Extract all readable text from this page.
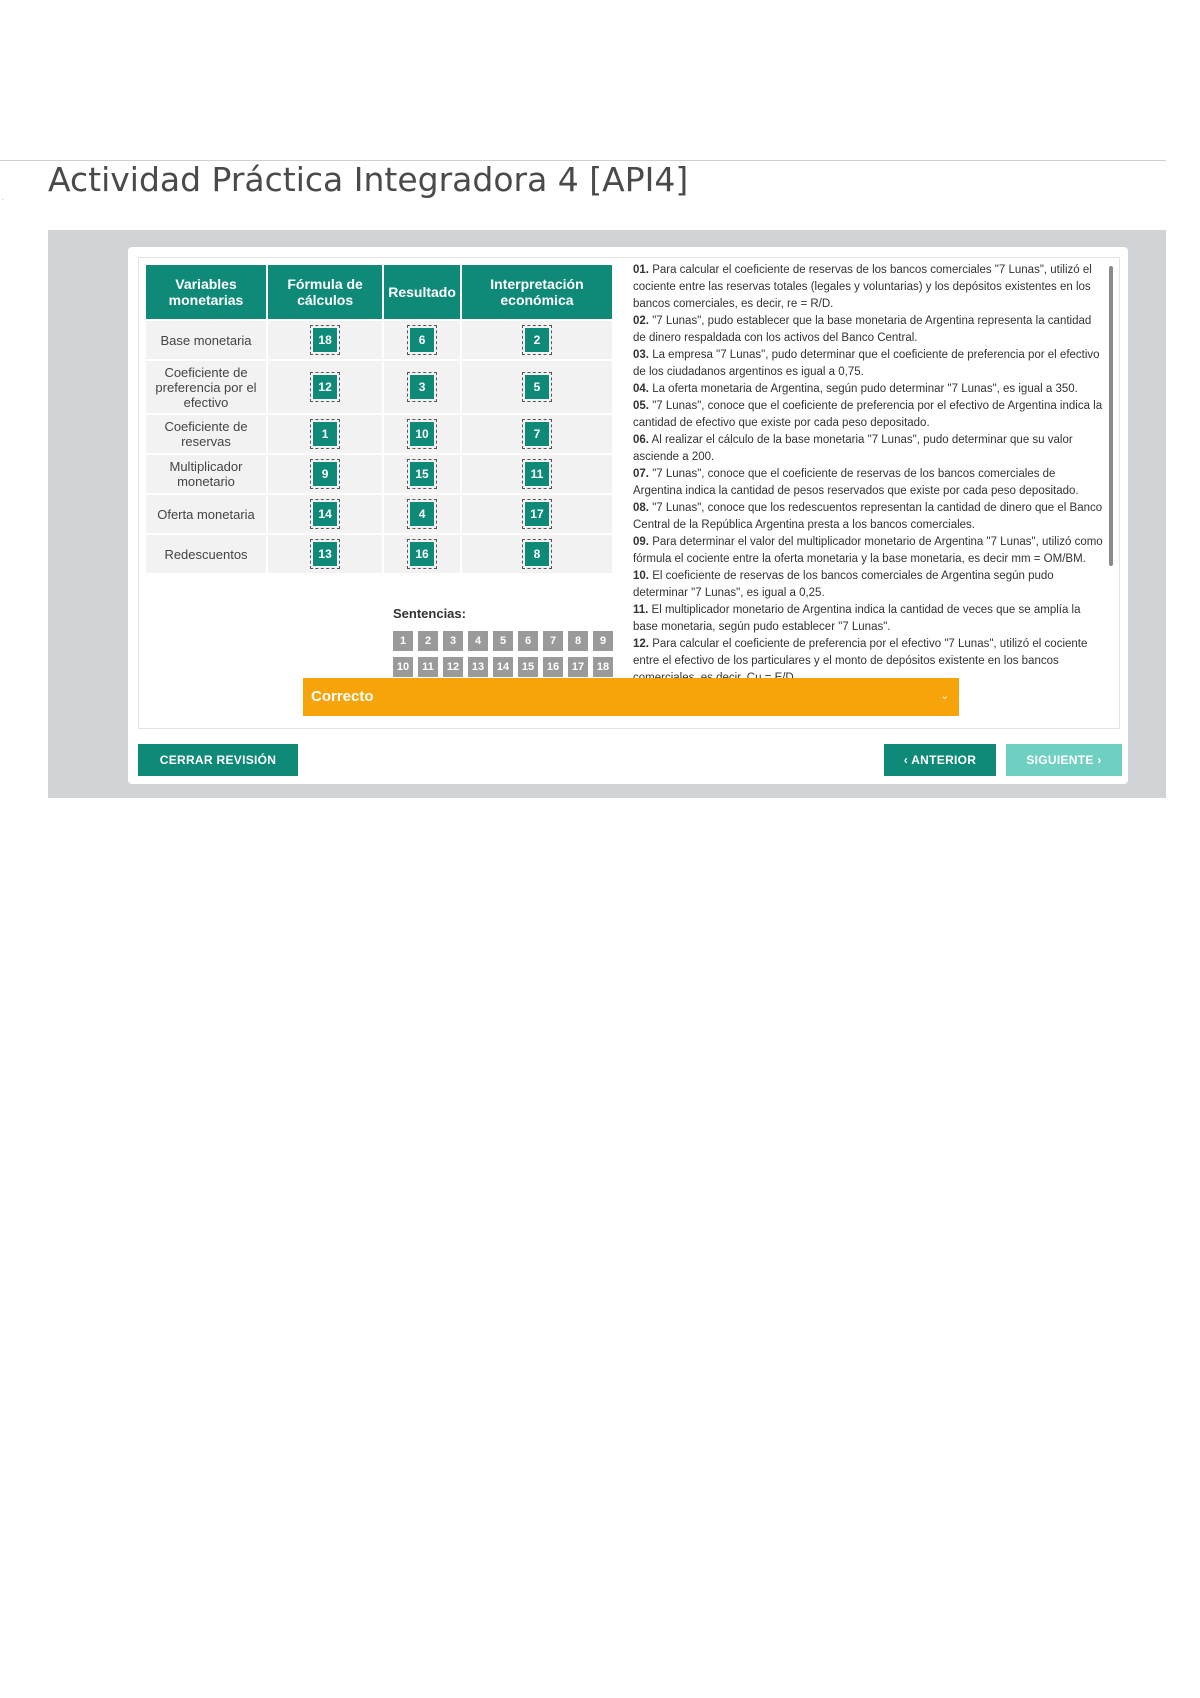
. Actividad Práctica Integradora 4 [API4]
Variables monetarias	Fórmula de cálculos	Resultado	Interpretación económica
Base monetaria	18	6	2

Coeficiente de preferencia por el efectivo	12	3	5

Coeficiente de reservas	1	10	7

Multiplicador monetario	9	15	11

Oferta monetaria	14	4	17

Redescuentos	13	16	8
Sentencias:
1	2	3	4	5	6	7	8	9
10	11	12	13	14	15	16	17	18

01. Para calcular el coeficiente de reservas de los bancos comerciales "7 Lunas", utilizó el cociente entre las reservas totales (legales y voluntarias) y los depósitos existentes en los bancos comerciales, es decir, re = R/D.

02. "7 Lunas", pudo establecer que la base monetaria de Argentina representa la cantidad de dinero respaldada con los activos del Banco Central.

03. La empresa "7 Lunas", pudo determinar que el coeficiente de preferencia por el efectivo de los ciudadanos argentinos es igual a 0,75.

04. La oferta monetaria de Argentina, según pudo determinar "7 Lunas", es igual a 350.

05. "7 Lunas", conoce que el coeficiente de preferencia por el efectivo de Argentina indica la cantidad de efectivo que existe por cada peso depositado.

06. Al realizar el cálculo de la base monetaria "7 Lunas", pudo determinar que su valor asciende a 200.

07. "7 Lunas", conoce que el coeficiente de reservas de los bancos comerciales de Argentina indica la cantidad de pesos reservados que existe por cada peso depositado.

08. "7 Lunas", conoce que los redescuentos representan la cantidad de dinero que el Banco Central de la República Argentina presta a los bancos comerciales.

09. Para determinar el valor del multiplicador monetario de Argentina "7 Lunas", utilizó como fórmula el cociente entre la oferta monetaria y la base monetaria, es decir mm = OM/BM.

10. El coeficiente de reservas de los bancos comerciales de Argentina según pudo determinar "7 Lunas", es igual a 0,25.

11. El multiplicador monetario de Argentina indica la cantidad de veces que se amplía la base monetaria, según pudo establecer "7 Lunas".

12. Para calcular el coeficiente de preferencia por el efectivo "7 Lunas", utilizó el cociente entre el efectivo de los particulares y el monto de depósitos existente en los bancos

Correcto	⌄
CERRAR REVISIÓN	‹ ANTERIOR	SIGUIENTE ›
